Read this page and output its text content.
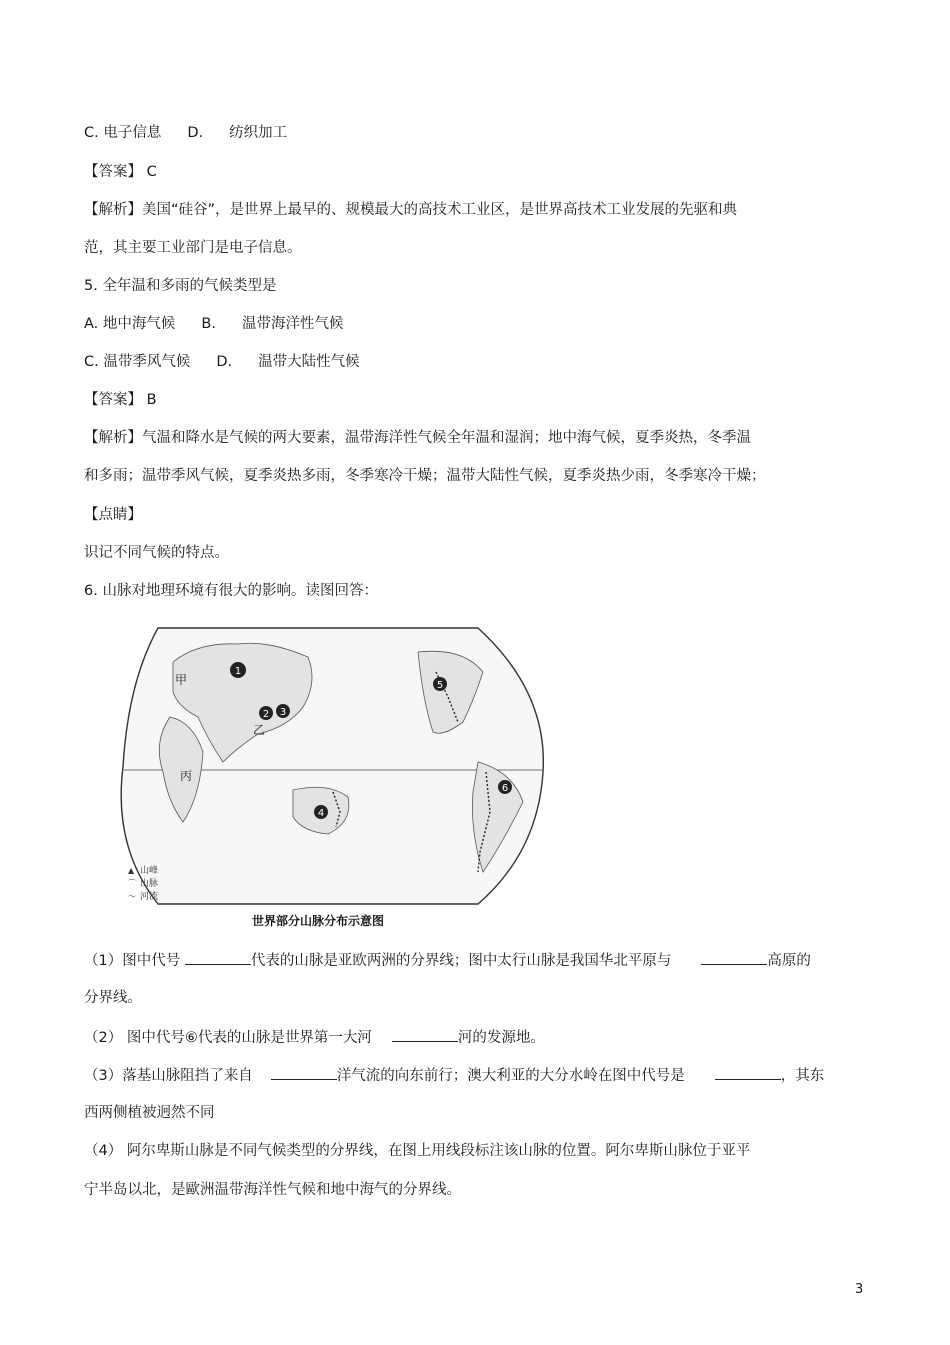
C. 电子信息 D. 纺织加工
【答案】 C
【解析】美国“硅谷”，是世界上最早的、规模最大的高技术工业区，是世界高技术工业发展的先驱和典
范，其主要工业部门是电子信息。
5. 全年温和多雨的气候类型是
A. 地中海气候 B. 温带海洋性气候
C. 温带季风气候 D. 温带大陆性气候
【答案】 B
【解析】气温和降水是气候的两大要素，温带海洋性气候全年温和湿润；地中海气候，夏季炎热，冬季温
和多雨；温带季风气候，夏季炎热多雨，冬季寒冷干燥；温带大陆性气候，夏季炎热少雨，冬季寒冷干燥；
【点睛】
识记不同气候的特点。
6. 山脉对地理环境有很大的影响。读图回答：
1
2 3
4
5
6
甲
乙
丙
▲ 山峰
⌒ 山脉
～ 河流
世界部分山脉分布示意图
（1）图中代号	代表的山脉是亚欧两洲的分界线；图中太行山脉是我国华北平原与	高原的
分界线。
（2） 图中代号⑥代表的山脉是世界第一大河	河的发源地。
（3）落基山脉阻挡了来自	洋气流的向东前行；澳大利亚的大分水岭在图中代号是	，其东
西两侧植被迥然不同
（4） 阿尔卑斯山脉是不同气候类型的分界线，在图上用线段标注该山脉的位置。阿尔卑斯山脉位于亚平
宁半岛以北，是歐洲温带海洋性气候和地中海气的分界线。
3
